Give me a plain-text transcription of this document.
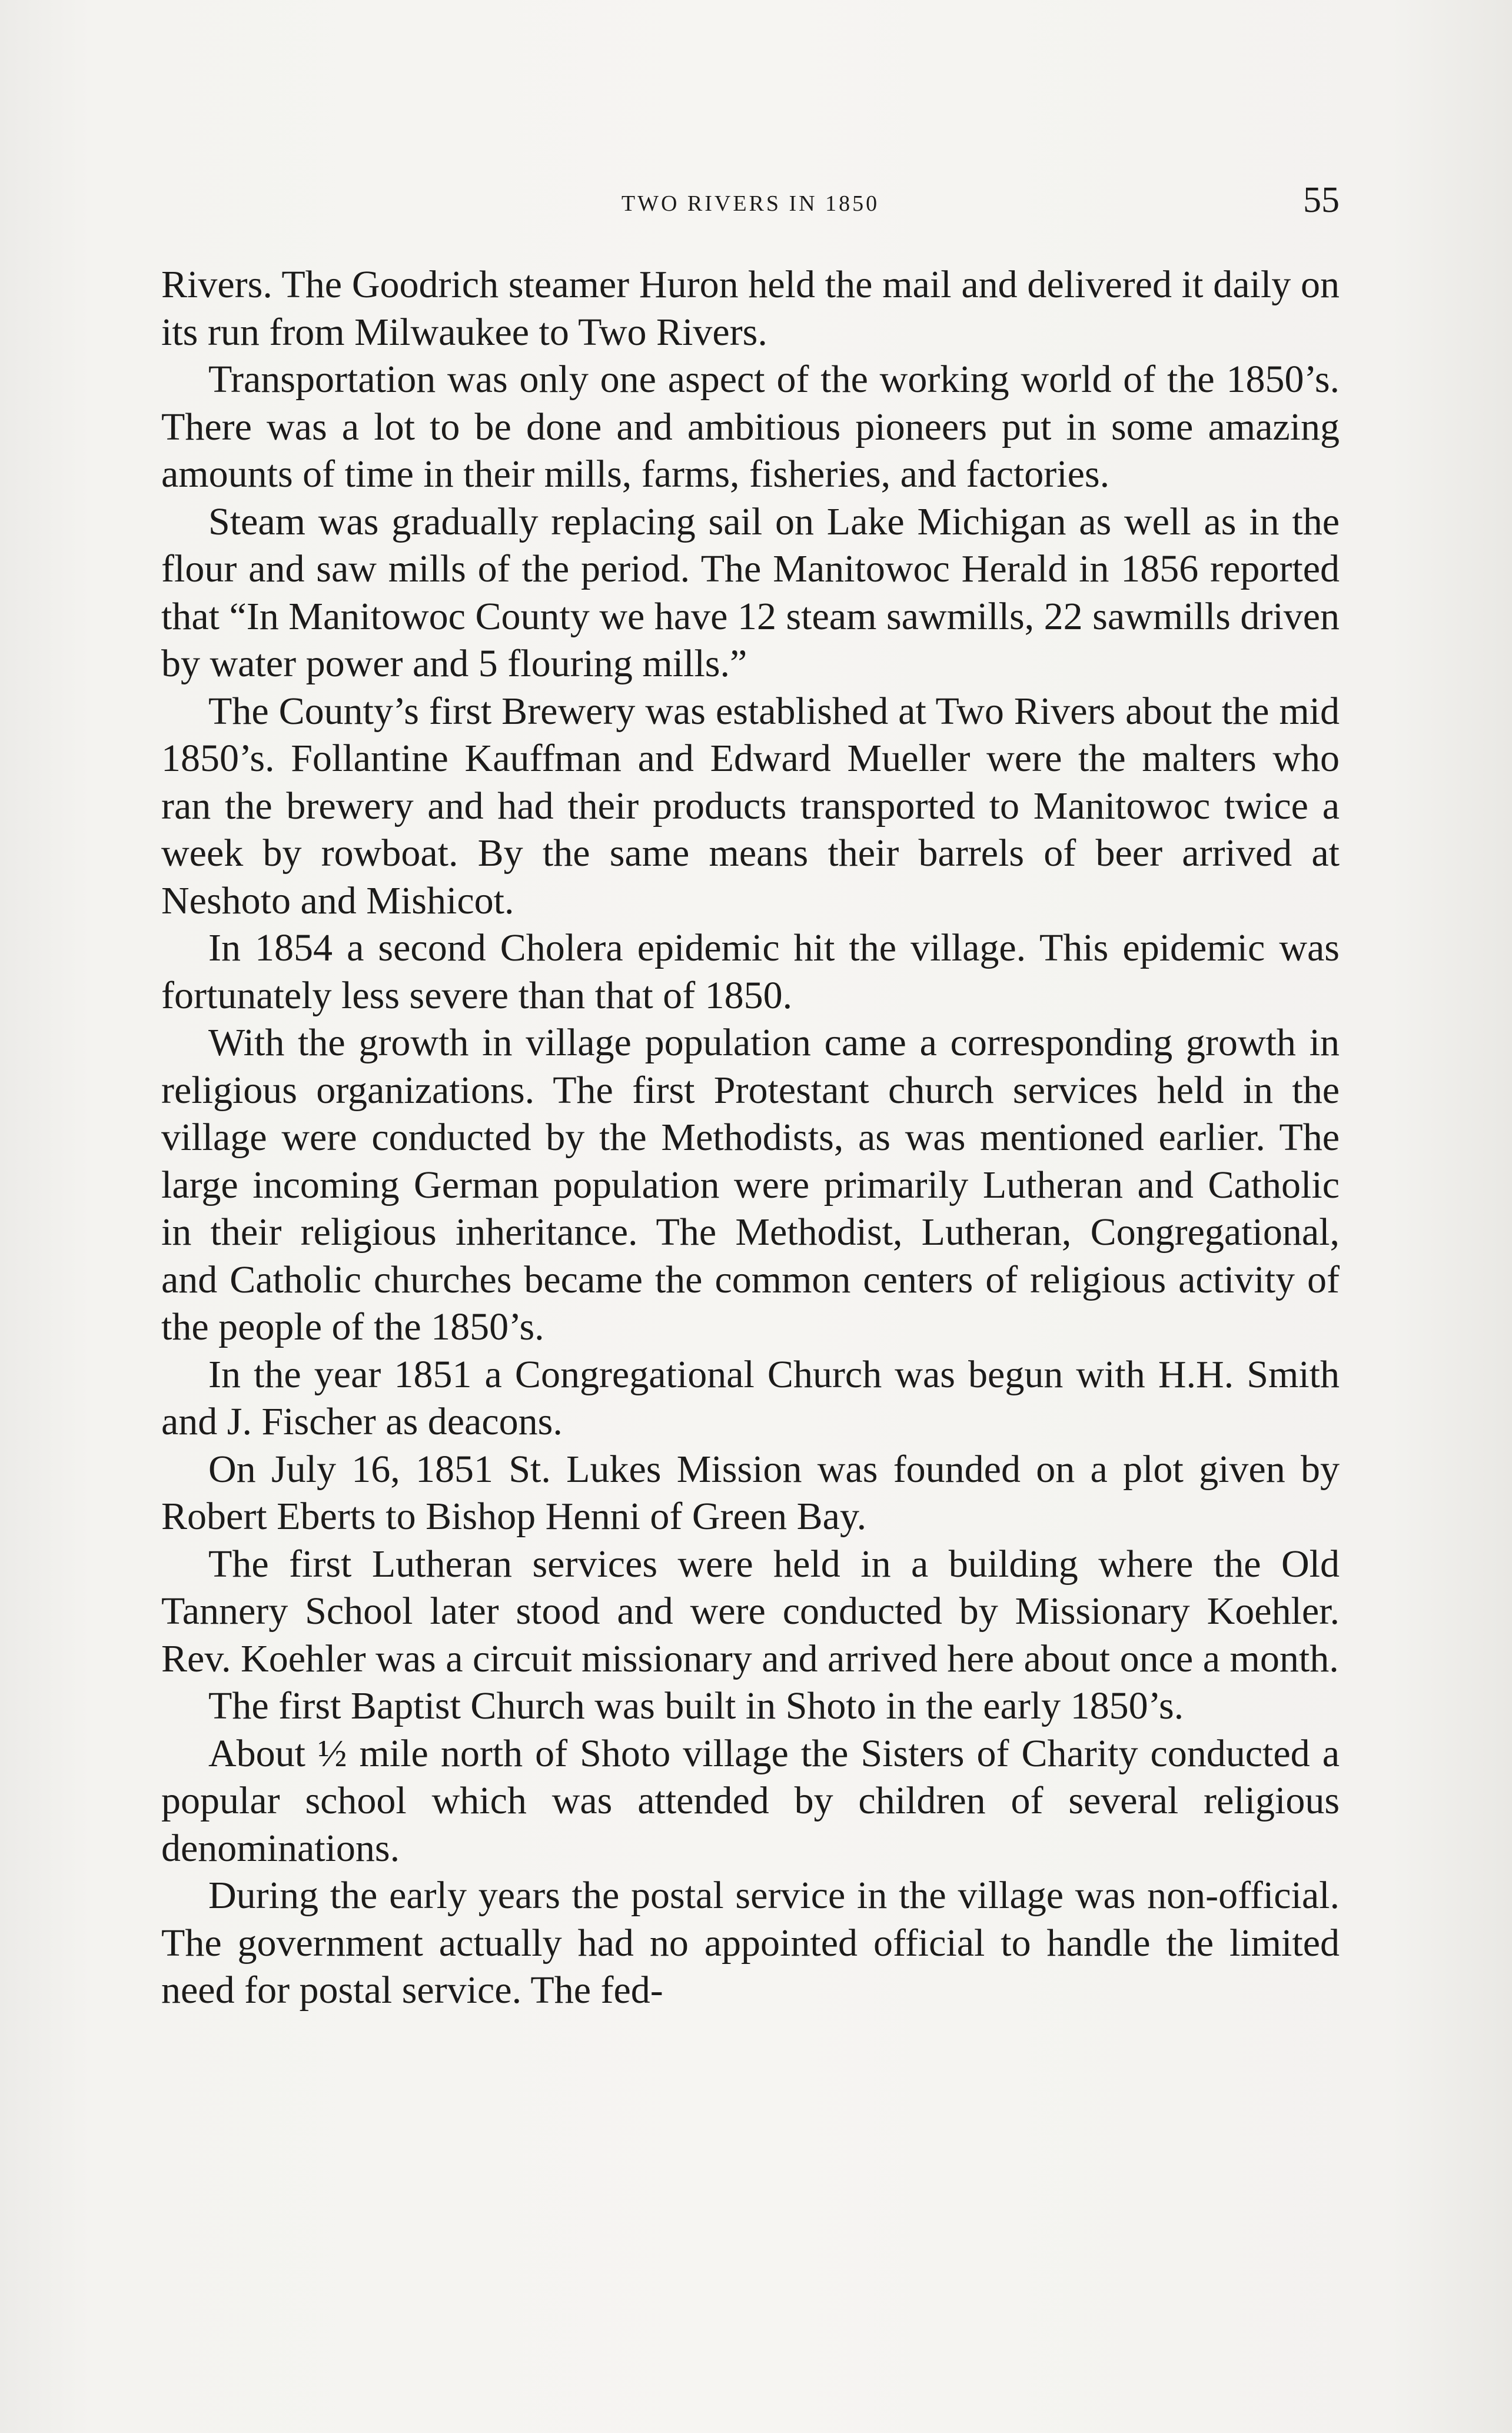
two rivers in 1850	55

Rivers. The Goodrich steamer Huron held the mail and delivered it daily on its run from Milwaukee to Two Rivers.

Transportation was only one aspect of the working world of the 1850’s. There was a lot to be done and ambitious pioneers put in some amazing amounts of time in their mills, farms, fisheries, and factories.

Steam was gradually replacing sail on Lake Michigan as well as in the flour and saw mills of the period. The Manitowoc Herald in 1856 reported that “In Manitowoc County we have 12 steam sawmills, 22 sawmills driven by water power and 5 flouring mills.”

The County’s first Brewery was established at Two Rivers about the mid 1850’s. Follantine Kauffman and Edward Mueller were the malters who ran the brewery and had their products transported to Manitowoc twice a week by rowboat. By the same means their barrels of beer arrived at Neshoto and Mishicot.

In 1854 a second Cholera epidemic hit the village. This epidemic was fortunately less severe than that of 1850.

With the growth in village population came a corresponding growth in religious organizations. The first Protestant church services held in the village were conducted by the Methodists, as was mentioned earlier. The large incoming German population were primarily Lutheran and Catholic in their religious inheritance. The Methodist, Lutheran, Congregational, and Catholic churches became the common centers of religious activity of the people of the 1850’s.

In the year 1851 a Congregational Church was begun with H.H. Smith and J. Fischer as deacons.

On July 16, 1851 St. Lukes Mission was founded on a plot given by Robert Eberts to Bishop Henni of Green Bay.

The first Lutheran services were held in a building where the Old Tannery School later stood and were conducted by Missionary Koehler. Rev. Koehler was a circuit missionary and arrived here about once a month.

The first Baptist Church was built in Shoto in the early 1850’s.

About ½ mile north of Shoto village the Sisters of Charity conducted a popular school which was attended by children of several religious denominations.

During the early years the postal service in the village was non-official. The government actually had no appointed official to handle the limited need for postal service. The fed-
